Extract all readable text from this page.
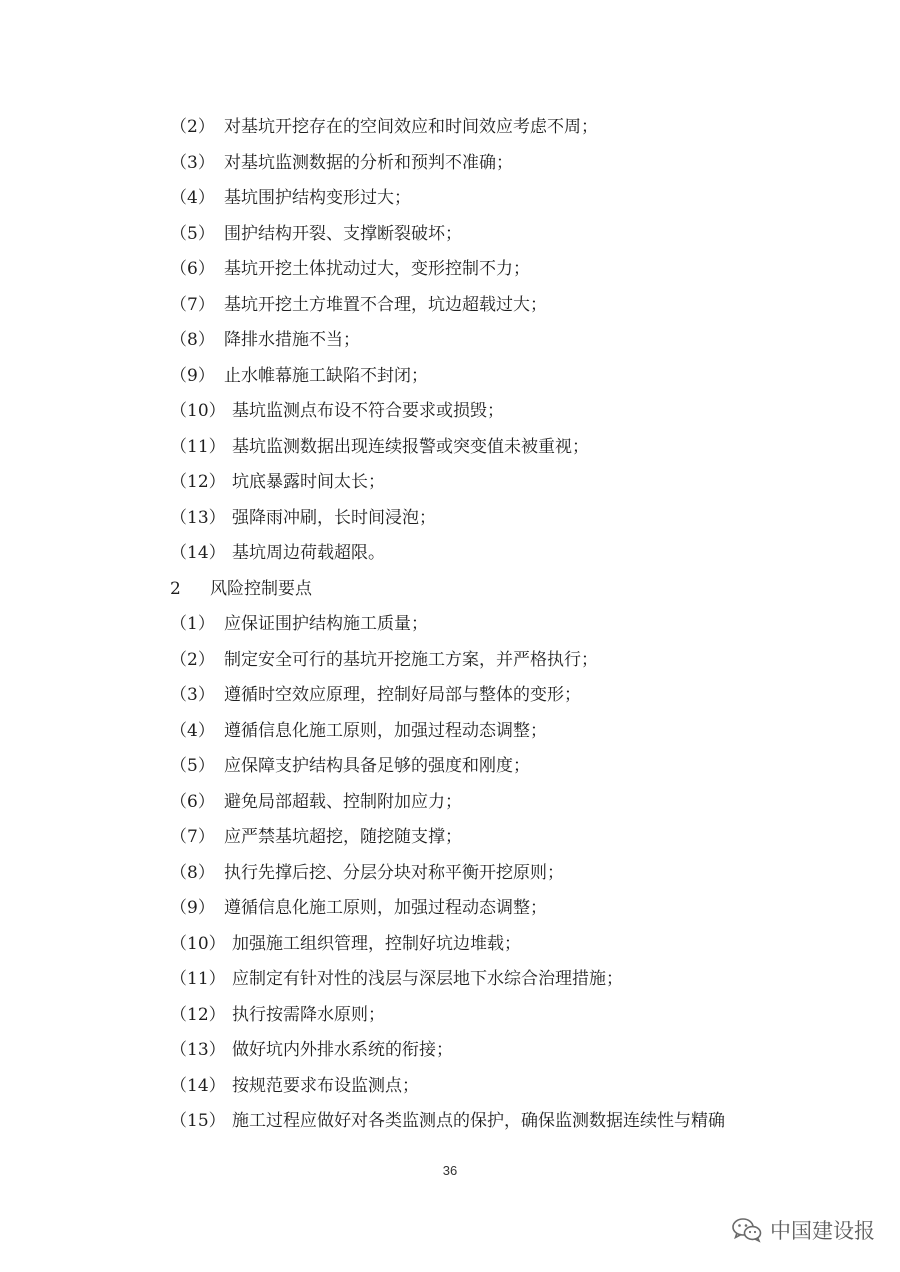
（2） 对基坑开挖存在的空间效应和时间效应考虑不周；
（3） 对基坑监测数据的分析和预判不准确；
（4） 基坑围护结构变形过大；
（5） 围护结构开裂、支撑断裂破坏；
（6） 基坑开挖土体扰动过大，变形控制不力；
（7） 基坑开挖土方堆置不合理，坑边超载过大；
（8） 降排水措施不当；
（9） 止水帷幕施工缺陷不封闭；
（10） 基坑监测点布设不符合要求或损毁；
（11） 基坑监测数据出现连续报警或突变值未被重视；
（12） 坑底暴露时间太长；
（13） 强降雨冲刷，长时间浸泡；
（14） 基坑周边荷载超限。
2	风险控制要点
（1） 应保证围护结构施工质量；
（2） 制定安全可行的基坑开挖施工方案，并严格执行；
（3） 遵循时空效应原理，控制好局部与整体的变形；
（4） 遵循信息化施工原则，加强过程动态调整；
（5） 应保障支护结构具备足够的强度和刚度；
（6） 避免局部超载、控制附加应力；
（7） 应严禁基坑超挖，随挖随支撑；
（8） 执行先撑后挖、分层分块对称平衡开挖原则；
（9） 遵循信息化施工原则，加强过程动态调整；
（10） 加强施工组织管理，控制好坑边堆载；
（11） 应制定有针对性的浅层与深层地下水综合治理措施；
（12） 执行按需降水原则；
（13） 做好坑内外排水系统的衔接；
（14） 按规范要求布设监测点；
（15） 施工过程应做好对各类监测点的保护，确保监测数据连续性与精确
36
中国建设报
